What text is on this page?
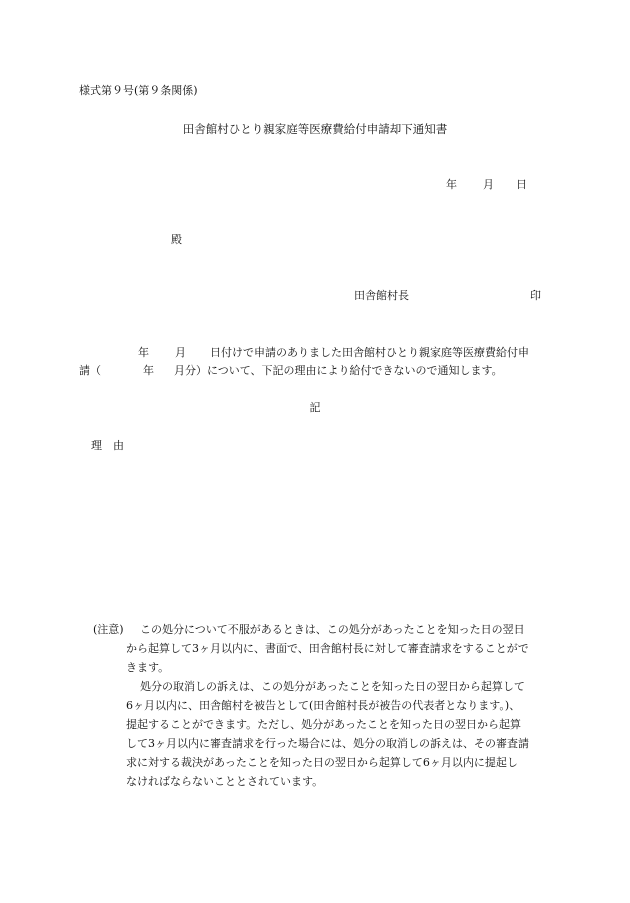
様式第９号(第９条関係)
田舎館村ひとり親家庭等医療費給付申請却下通知書
年 月 日
殿
田舎館村長	印
年 月 日付けで申請のありました田舎館村ひとり親家庭等医療費給付申
請（	年 月分）について、下記の理由により給付できないので通知します。
記
理　由
(注意) この処分について不服があるときは、この処分があったことを知った日の翌日
から起算して3ヶ月以内に、書面で、田舎館村長に対して審査請求をすることがで
きます。
処分の取消しの訴えは、この処分があったことを知った日の翌日から起算して
6ヶ月以内に、田舎館村を被告として(田舎館村長が被告の代表者となります。)、
提起することができます。ただし、処分があったことを知った日の翌日から起算
して3ヶ月以内に審査請求を行った場合には、処分の取消しの訴えは、その審査請
求に対する裁決があったことを知った日の翌日から起算して6ヶ月以内に提起し
なければならないこととされています。
